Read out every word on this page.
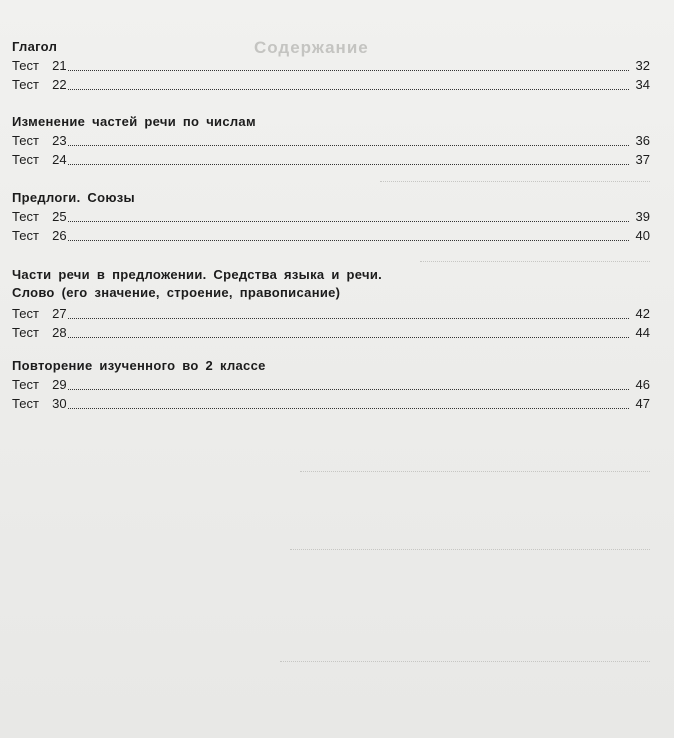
Содержание
Глагол
Тест  21	32
Тест  22	34
Изменение частей речи по числам
Тест  23	36
Тест  24	37
Предлоги. Союзы
Тест  25	39
Тест  26	40
Части речи в предложении. Средства языка и речи.
Слово (его значение, строение, правописание)
Тест  27	42
Тест  28	44
Повторение изученного во 2 классе
Тест  29	46
Тест  30	47
